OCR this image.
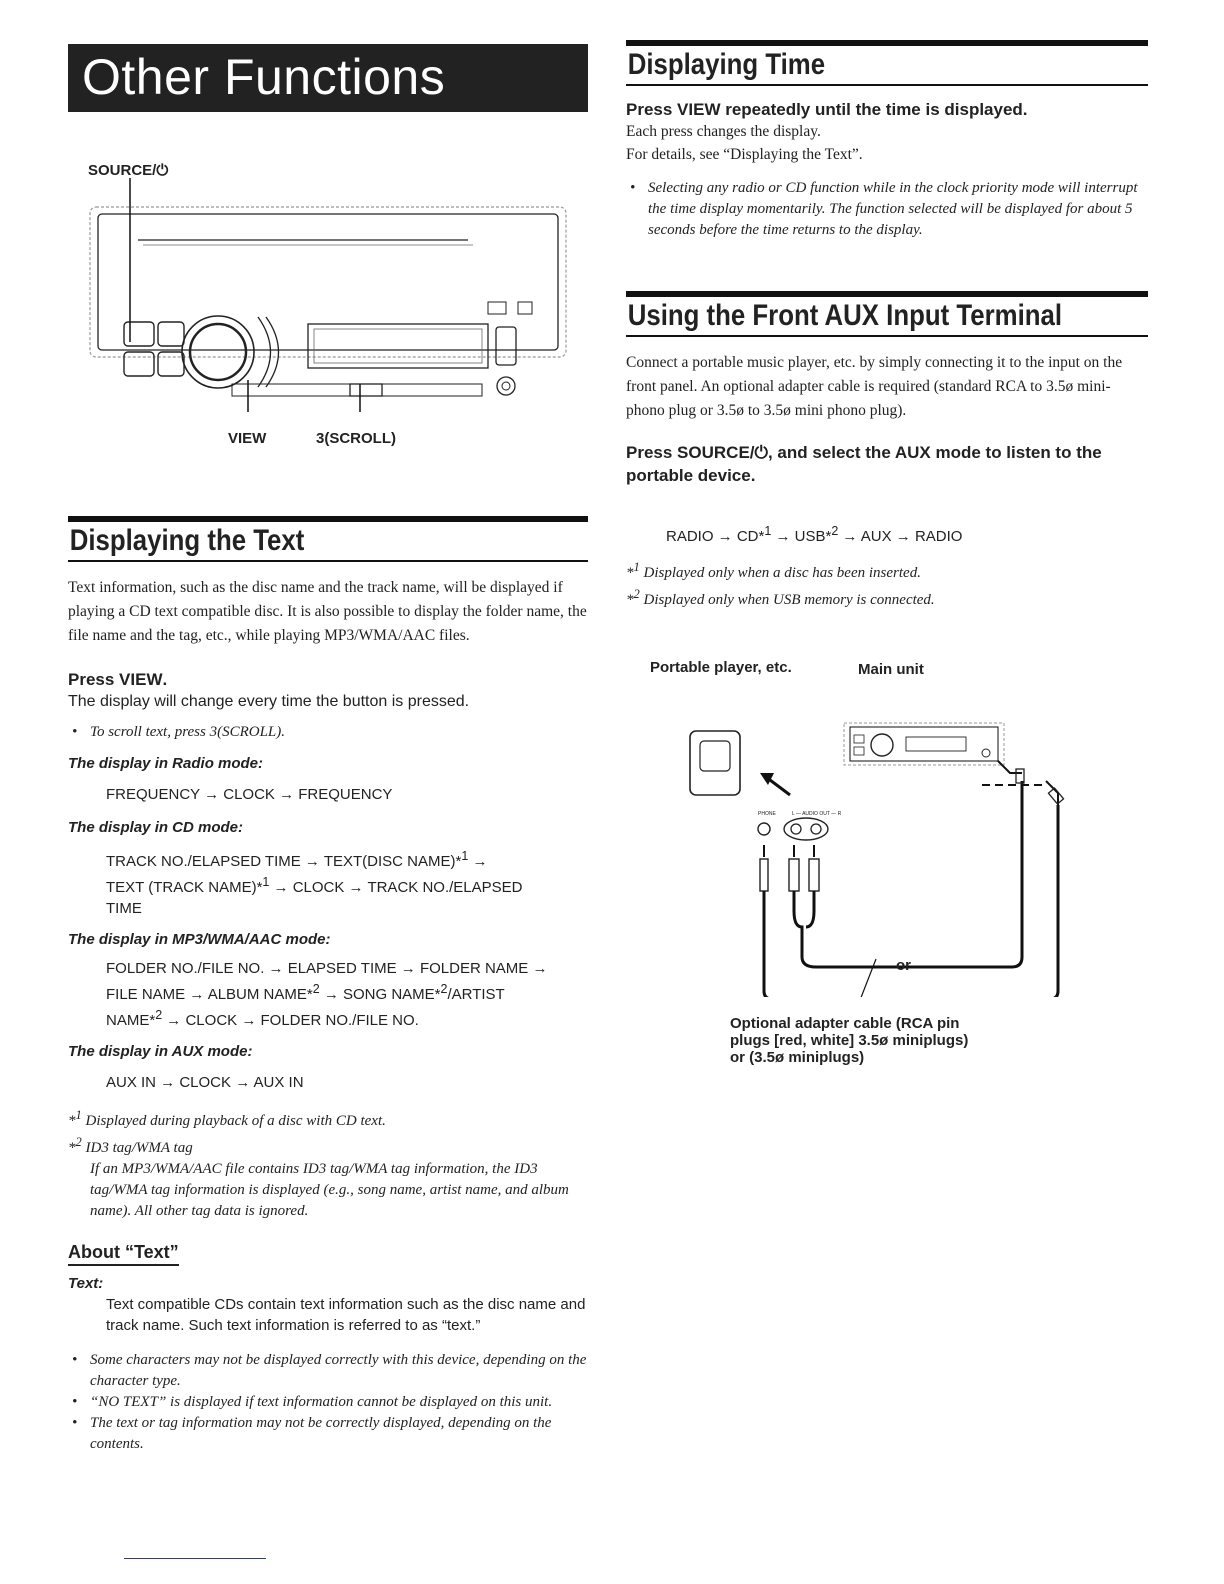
Other Functions
SOURCE/⏻
VIEW	3(SCROLL)
Displaying the Text
Text information, such as the disc name and the track name, will be displayed if playing a CD text compatible disc. It is also possible to display the folder name, the file name and the tag, etc., while playing MP3/WMA/AAC files.
Press VIEW.
The display will change every time the button is pressed.
• To scroll text, press 3(SCROLL).
The display in Radio mode:
FREQUENCY → CLOCK → FREQUENCY
The display in CD mode:
TRACK NO./ELAPSED TIME → TEXT(DISC NAME)*$^1$ →
TEXT (TRACK NAME)*$^1$ → CLOCK → TRACK NO./ELAPSED
TIME
The display in MP3/WMA/AAC mode:
FOLDER NO./FILE NO. → ELAPSED TIME → FOLDER NAME →
FILE NAME → ALBUM NAME*$^2$ → SONG NAME*$^2$/ARTIST
NAME*$^2$ → CLOCK → FOLDER NO./FILE NO.
The display in AUX mode:
AUX IN → CLOCK → AUX IN
*$^1$ Displayed during playback of a disc with CD text.
*$^2$ ID3 tag/WMA tag
If an MP3/WMA/AAC file contains ID3 tag/WMA tag information, the ID3 tag/WMA tag information is displayed (e.g., song name, artist name, and album name). All other tag data is ignored.
About “Text”
Text:
Text compatible CDs contain text information such as the disc name and track name. Such text information is referred to as “text.”
• Some characters may not be displayed correctly with this device, depending on the character type.
• “NO TEXT” is displayed if text information cannot be displayed on this unit.
• The text or tag information may not be correctly displayed, depending on the contents.
Displaying Time
Press VIEW repeatedly until the time is displayed.
Each press changes the display.
For details, see “Displaying the Text”.
• Selecting any radio or CD function while in the clock priority mode will interrupt the time display momentarily. The function selected will be displayed for about 5 seconds before the time returns to the display.
Using the Front AUX Input Terminal
Connect a portable music player, etc. by simply connecting it to the input on the front panel. An optional adapter cable is required (standard RCA to 3.5ø mini-phono plug or 3.5ø to 3.5ø mini phono plug).
Press SOURCE/⏻, and select the AUX mode to listen to the portable device.
RADIO → CD*$^1$ → USB*$^2$ → AUX → RADIO
*$^1$ Displayed only when a disc has been inserted.
*$^2$ Displayed only when USB memory is connected.
Portable player, etc.	Main unit
PHONE	L — AUDIO OUT — R
or
Optional adapter cable (RCA pin
plugs [red, white] 3.5ø miniplugs)
or (3.5ø miniplugs)
